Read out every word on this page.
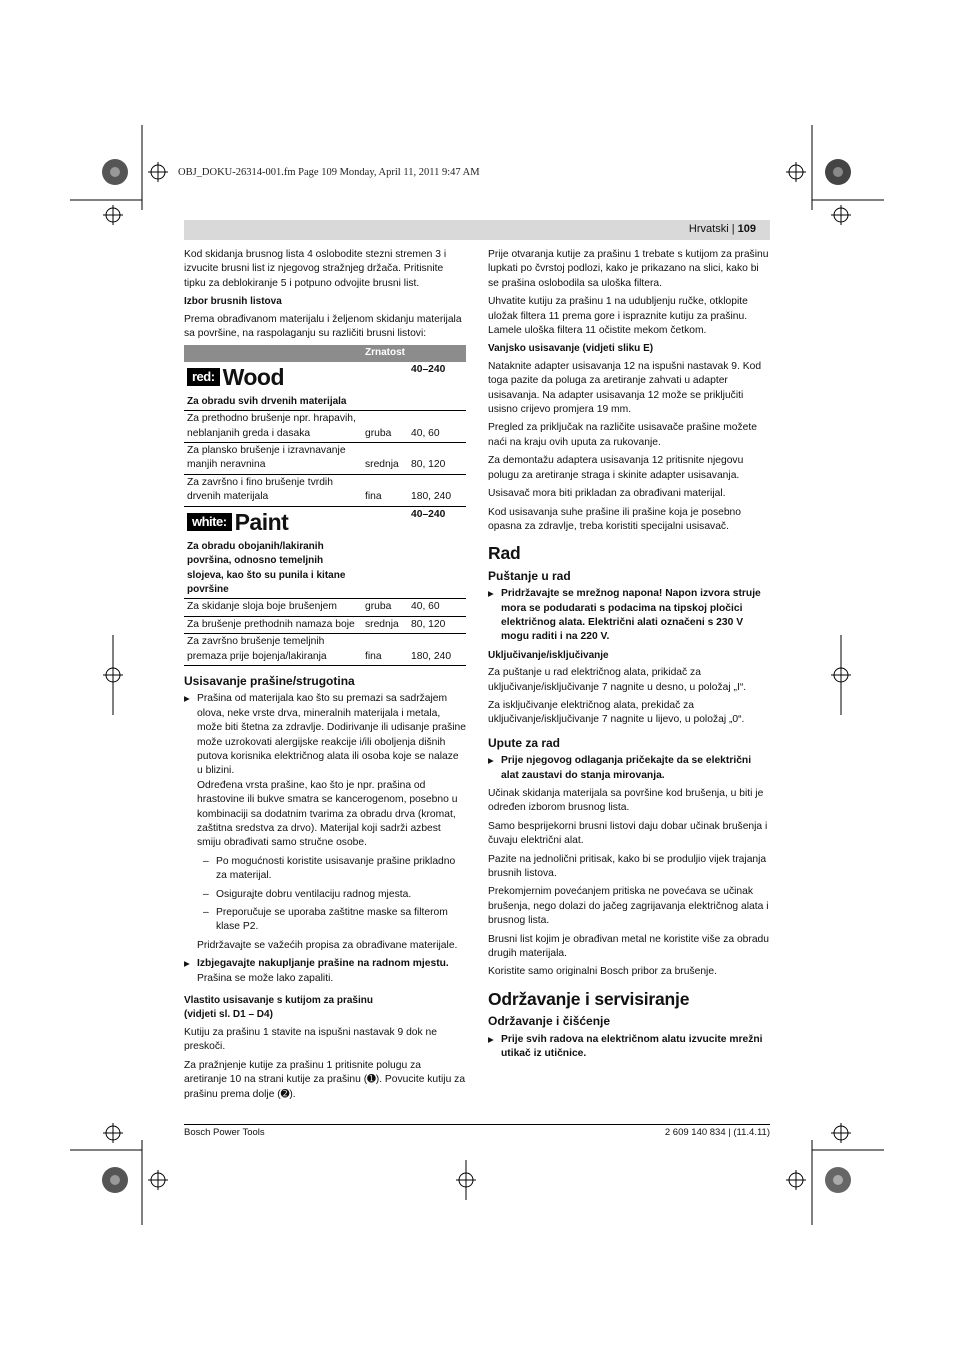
OBJ_DOKU-26314-001.fm Page 109 Monday, April 11, 2011 9:47 AM
Hrvatski | 109

Kod skidanja brusnog lista 4 oslobodite stezni stremen 3 i izvucite brusni list iz njegovog stražnjeg držača. Pritisnite tipku za deblokiranje 5 i potpuno odvojite brusni list.

Izbor brusnih listova

Prema obrađivanom materijalu i željenom skidanju materijala sa površine, na raspolaganju su različiti brusni listovi:

	Zrnatost	

red: Wood		40–240
Za obradu svih drvenih materijala		
Za prethodno brušenje npr. hrapavih, neblanjanih greda i dasaka	gruba	40, 60
Za plansko brušenje i izravnavanje manjih neravnina	srednja	80, 120
Za završno i fino brušenje tvrdih drvenih materijala	fina	180, 240

white: Paint		40–240
Za obradu obojanih/lakiranih površina, odnosno temeljnih slojeva, kao što su punila i kitane površine		
Za skidanje sloja boje brušenjem	gruba	40, 60
Za brušenje prethodnih namaza boje	srednja	80, 120
Za završno brušenje temeljnih premaza prije bojenja/lakiranja	fina	180, 240
Usisavanje prašine/strugotina

▶ Prašina od materijala kao što su premazi sa sadržajem olova, neke vrste drva, mineralnih materijala i metala, može biti štetna za zdravlje. Dodirivanje ili udisanje prašine može uzrokovati alergijske reakcije i/ili oboljenja dišnih putova korisnika električnog alata ili osoba koje se nalaze u blizini.

Određena vrsta prašine, kao što je npr. prašina od hrastovine ili bukve smatra se kancerogenom, posebno u kombinaciji sa dodatnim tvarima za obradu drva (kromat, zaštitna sredstva za drvo). Materijal koji sadrži azbest smiju obrađivati samo stručne osobe.

– Po mogućnosti koristite usisavanje prašine prikladno za materijal.

– Osigurajte dobru ventilaciju radnog mjesta.

– Preporučuje se uporaba zaštitne maske sa filterom klase P2.

Pridržavajte se važećih propisa za obrađivane materijale.

▶ Izbjegavajte nakupljanje prašine na radnom mjestu. Prašina se može lako zapaliti.

Vlastito usisavanje s kutijom za prašinu
(vidjeti sl. D1 – D4)

Kutiju za prašinu 1 stavite na ispušni nastavak 9 dok ne preskoči.

Za pražnjenje kutije za prašinu 1 pritisnite polugu za aretiranje 10 na strani kutije za prašinu (➊). Povucite kutiju za prašinu prema dolje (➋).

Prije otvaranja kutije za prašinu 1 trebate s kutijom za prašinu lupkati po čvrstoj podlozi, kako je prikazano na slici, kako bi se prašina oslobodila sa uloška filtera.

Uhvatite kutiju za prašinu 1 na udubljenju ručke, otklopite uložak filtera 11 prema gore i ispraznite kutiju za prašinu. Lamele uloška filtera 11 očistite mekom četkom.

Vanjsko usisavanje (vidjeti sliku E)

Nataknite adapter usisavanja 12 na ispušni nastavak 9. Kod toga pazite da poluga za aretiranje zahvati u adapter usisavanja. Na adapter usisavanja 12 može se priključiti usisno crijevo promjera 19 mm.

Pregled za priključak na različite usisavače prašine možete naći na kraju ovih uputa za rukovanje.

Za demontažu adaptera usisavanja 12 pritisnite njegovu polugu za aretiranje straga i skinite adapter usisavanja.

Usisavač mora biti prikladan za obrađivani materijal.

Kod usisavanja suhe prašine ili prašine koja je posebno opasna za zdravlje, treba koristiti specijalni usisavač.

Rad
Puštanje u rad

▶ Pridržavajte se mrežnog napona! Napon izvora struje mora se podudarati s podacima na tipskoj pločici električnog alata. Električni alati označeni s 230 V mogu raditi i na 220 V.

Uključivanje/isključivanje

Za puštanje u rad električnog alata, prikidač za uključivanje/isključivanje 7 nagnite u desno, u položaj „I“.

Za isključivanje električnog alata, prekidač za uključivanje/isključivanje 7 nagnite u lijevo, u položaj „0“.

Upute za rad

▶ Prije njegovog odlaganja pričekajte da se električni alat zaustavi do stanja mirovanja.

Učinak skidanja materijala sa površine kod brušenja, u biti je određen izborom brusnog lista.

Samo besprijekorni brusni listovi daju dobar učinak brušenja i čuvaju električni alat.

Pazite na jednolični pritisak, kako bi se produljio vijek trajanja brusnih listova.

Prekomjernim povećanjem pritiska ne povećava se učinak brušenja, nego dolazi do jačeg zagrijavanja električnog alata i brusnog lista.

Brusni list kojim je obrađivan metal ne koristite više za obradu drugih materijala.

Koristite samo originalni Bosch pribor za brušenje.

Održavanje i servisiranje
Održavanje i čišćenje

▶ Prije svih radova na električnom alatu izvucite mrežni utikač iz utičnice.

Bosch Power Tools	2 609 140 834 | (11.4.11)
